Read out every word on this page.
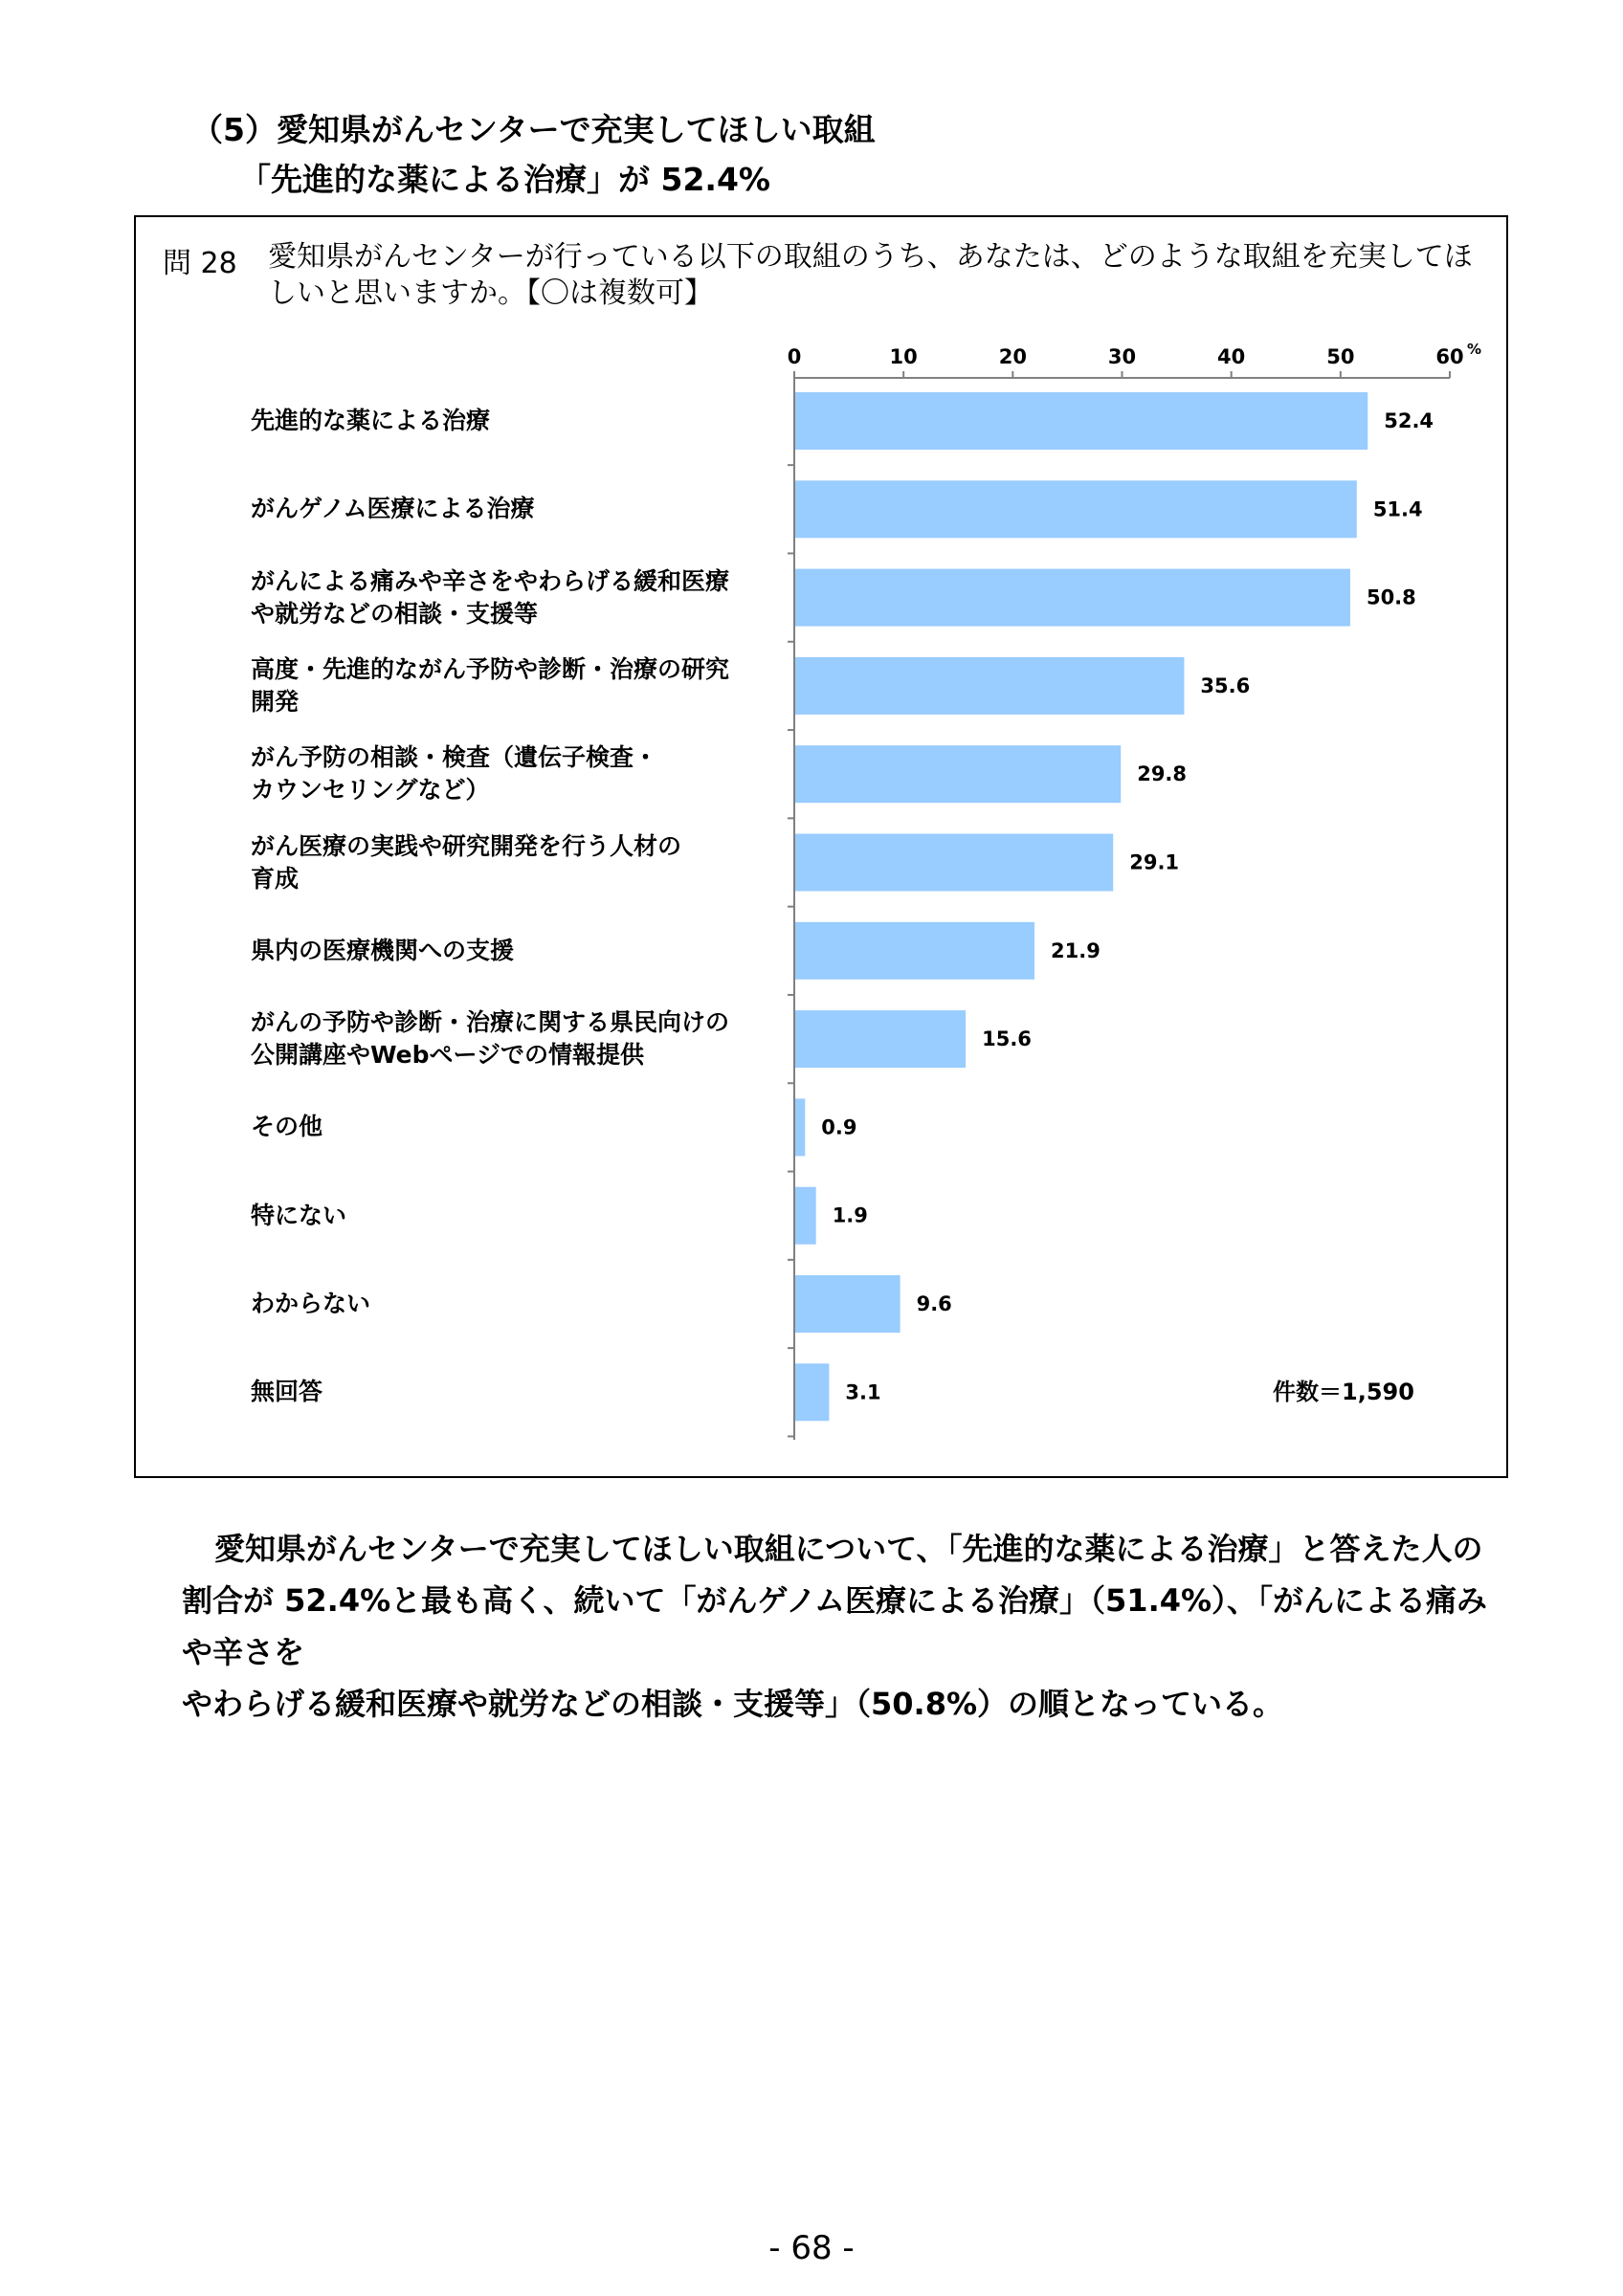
（5）愛知県がんセンターで充実してほしい取組
「先進的な薬による治療」が 52.4%
問 28 愛知県がんセンターが行っている以下の取組のうち、あなたは、どのような取組を充実してほしいと思いますか。【〇は複数可】
先進的な薬による治療
がんゲノム医療による治療
がんによる痛みや辛さをやわらげる緩和医療
や就労などの相談・支援等
高度・先進的ながん予防や診断・治療の研究
開発
がん予防の相談・検査（遺伝子検査・
カウンセリングなど）
がん医療の実践や研究開発を行う人材の
育成
県内の医療機関への支援
がんの予防や診断・治療に関する県民向けの
公開講座やWebページでの情報提供
その他
特にない
わからない
無回答
0	10	20	30	40	50	60 %
52.4
51.4
50.8
35.6
29.8
29.1
21.9
15.6
0.9
1.9
9.6
3.1	件数＝1,590

愛知県がんセンターで充実してほしい取組について、「先進的な薬による治療」と答えた人の

割合が 52.4%と最も高く、続いて「がんゲノム医療による治療」（51.4%）、「がんによる痛みや辛さを

やわらげる緩和医療や就労などの相談・支援等」（50.8%）の順となっている。

- 68 -
